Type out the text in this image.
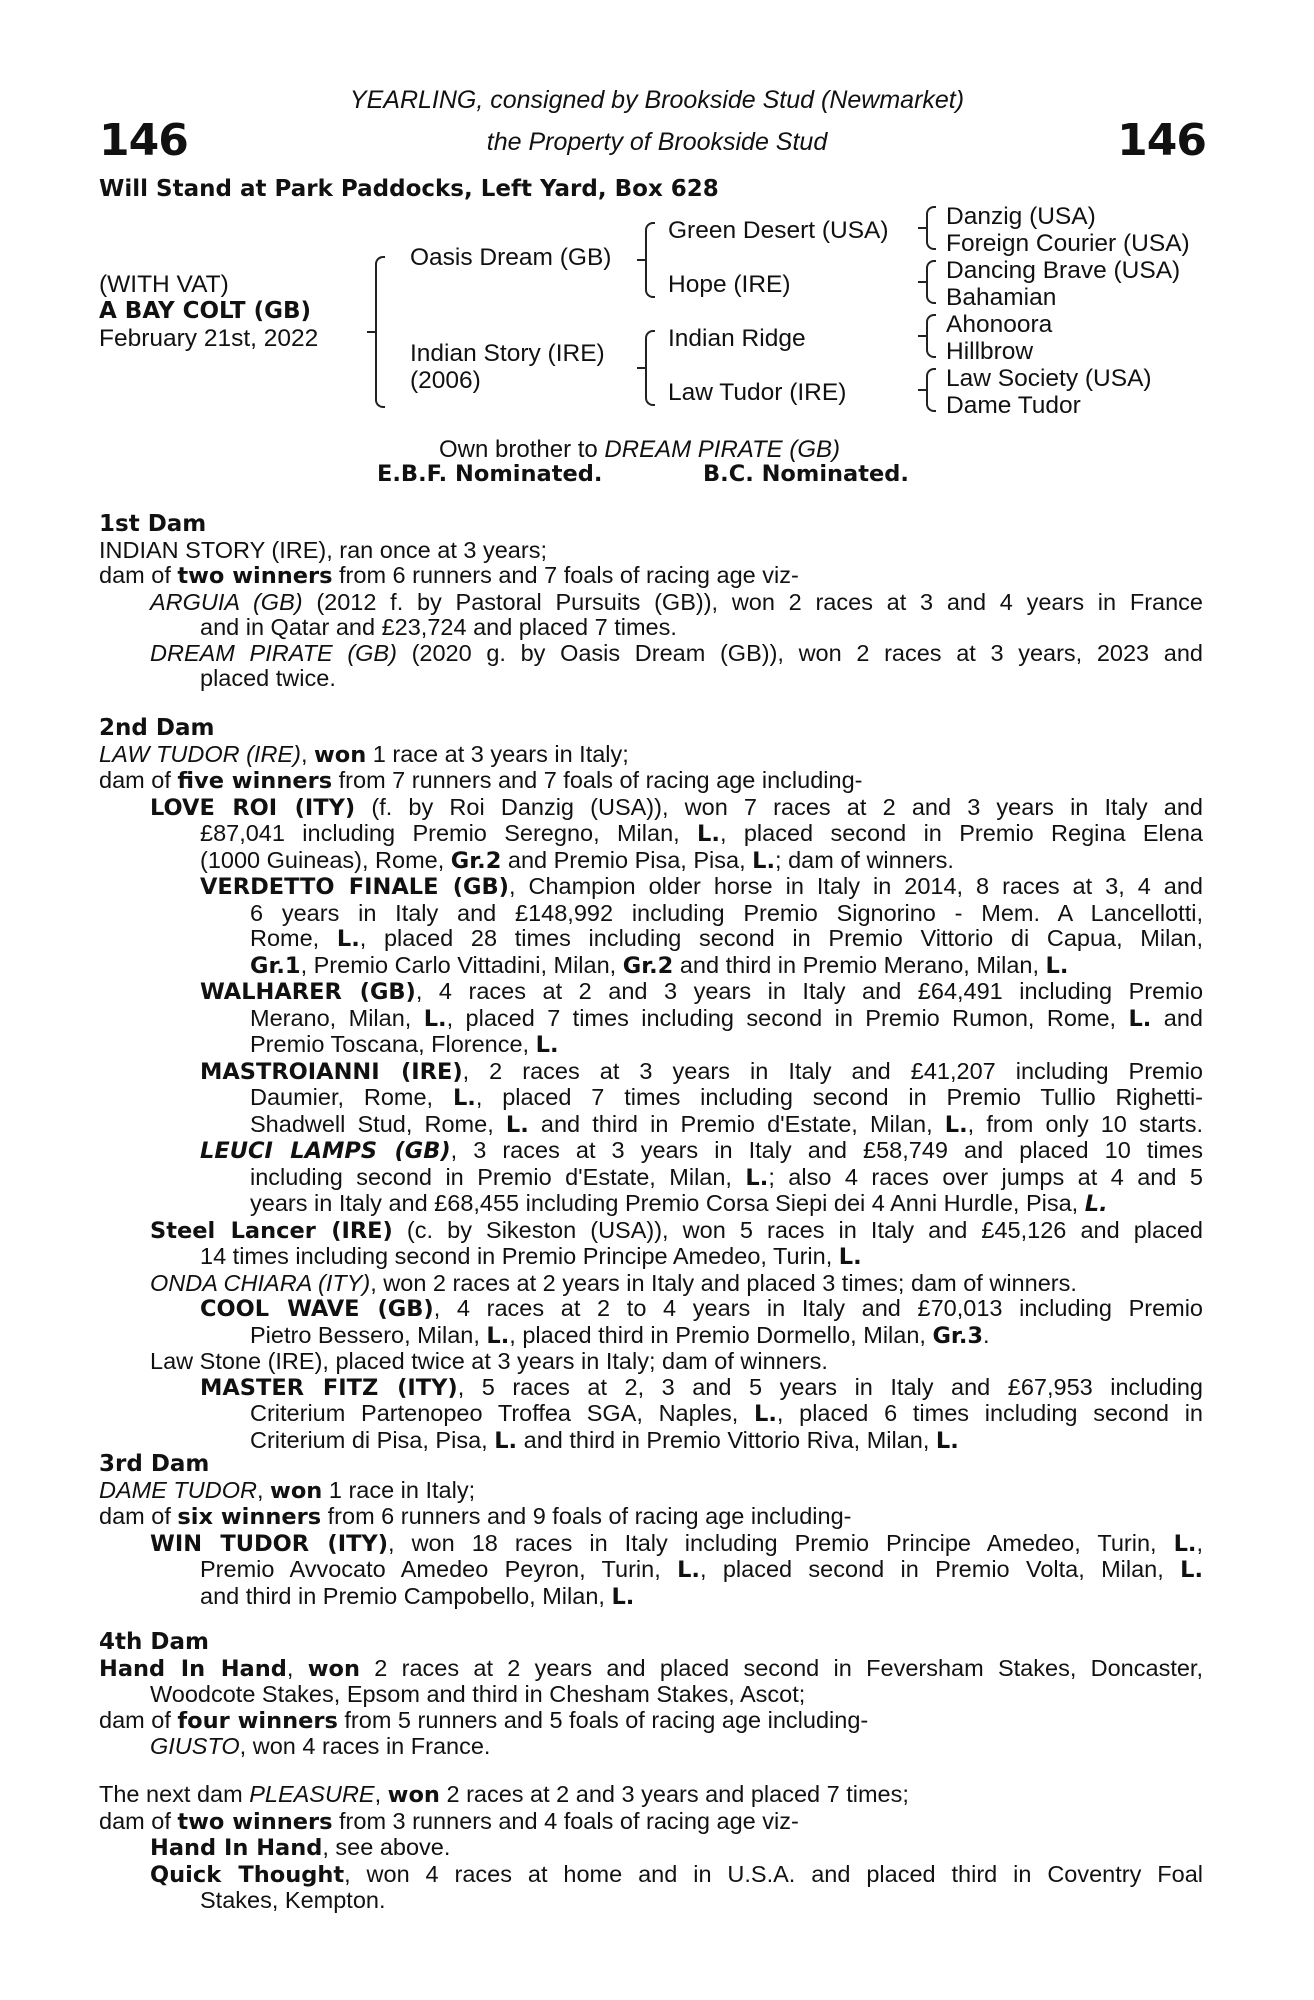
146	146
YEARLING, consigned by Brookside Stud (Newmarket)
the Property of Brookside Stud
Will Stand at Park Paddocks, Left Yard, Box 628
(WITH VAT)
A BAY COLT (GB)
February 21st, 2022
Oasis Dream (GB)
Indian Story (IRE)
(2006)
Green Desert (USA)
Hope (IRE)
Indian Ridge
Law Tudor (IRE)
Danzig (USA)
Foreign Courier (USA)
Dancing Brave (USA)
Bahamian
Ahonoora
Hillbrow
Law Society (USA)
Dame Tudor
Own brother to DREAM PIRATE (GB)
E.B.F. Nominated.	B.C. Nominated.
1st Dam
INDIAN STORY (IRE), ran once at 3 years;
dam of two winners from 6 runners and 7 foals of racing age viz-
ARGUIA (GB) (2012 f. by Pastoral Pursuits (GB)), won 2 races at 3 and 4 years in France
and in Qatar and £23,724 and placed 7 times.
DREAM PIRATE (GB) (2020 g. by Oasis Dream (GB)), won 2 races at 3 years, 2023 and
placed twice.
2nd Dam
LAW TUDOR (IRE), won 1 race at 3 years in Italy;
dam of five winners from 7 runners and 7 foals of racing age including-
LOVE ROI (ITY) (f. by Roi Danzig (USA)), won 7 races at 2 and 3 years in Italy and
£87,041 including Premio Seregno, Milan, L., placed second in Premio Regina Elena
(1000 Guineas), Rome, Gr.2 and Premio Pisa, Pisa, L.; dam of winners.
VERDETTO FINALE (GB), Champion older horse in Italy in 2014, 8 races at 3, 4 and
6 years in Italy and £148,992 including Premio Signorino - Mem. A Lancellotti,
Rome, L., placed 28 times including second in Premio Vittorio di Capua, Milan,
Gr.1, Premio Carlo Vittadini, Milan, Gr.2 and third in Premio Merano, Milan, L.
WALHARER (GB), 4 races at 2 and 3 years in Italy and £64,491 including Premio
Merano, Milan, L., placed 7 times including second in Premio Rumon, Rome, L. and
Premio Toscana, Florence, L.
MASTROIANNI (IRE), 2 races at 3 years in Italy and £41,207 including Premio
Daumier, Rome, L., placed 7 times including second in Premio Tullio Righetti-
Shadwell Stud, Rome, L. and third in Premio d'Estate, Milan, L., from only 10 starts.
LEUCI LAMPS (GB), 3 races at 3 years in Italy and £58,749 and placed 10 times
including second in Premio d'Estate, Milan, L.; also 4 races over jumps at 4 and 5
years in Italy and £68,455 including Premio Corsa Siepi dei 4 Anni Hurdle, Pisa, L.
Steel Lancer (IRE) (c. by Sikeston (USA)), won 5 races in Italy and £45,126 and placed
14 times including second in Premio Principe Amedeo, Turin, L.
ONDA CHIARA (ITY), won 2 races at 2 years in Italy and placed 3 times; dam of winners.
COOL WAVE (GB), 4 races at 2 to 4 years in Italy and £70,013 including Premio
Pietro Bessero, Milan, L., placed third in Premio Dormello, Milan, Gr.3.
Law Stone (IRE), placed twice at 3 years in Italy; dam of winners.
MASTER FITZ (ITY), 5 races at 2, 3 and 5 years in Italy and £67,953 including
Criterium Partenopeo Troffea SGA, Naples, L., placed 6 times including second in
Criterium di Pisa, Pisa, L. and third in Premio Vittorio Riva, Milan, L.
3rd Dam
DAME TUDOR, won 1 race in Italy;
dam of six winners from 6 runners and 9 foals of racing age including-
WIN TUDOR (ITY), won 18 races in Italy including Premio Principe Amedeo, Turin, L.,
Premio Avvocato Amedeo Peyron, Turin, L., placed second in Premio Volta, Milan, L.
and third in Premio Campobello, Milan, L.
4th Dam
Hand In Hand, won 2 races at 2 years and placed second in Feversham Stakes, Doncaster,
Woodcote Stakes, Epsom and third in Chesham Stakes, Ascot;
dam of four winners from 5 runners and 5 foals of racing age including-
GIUSTO, won 4 races in France.
The next dam PLEASURE, won 2 races at 2 and 3 years and placed 7 times;
dam of two winners from 3 runners and 4 foals of racing age viz-
Hand In Hand, see above.
Quick Thought, won 4 races at home and in U.S.A. and placed third in Coventry Foal
Stakes, Kempton.
